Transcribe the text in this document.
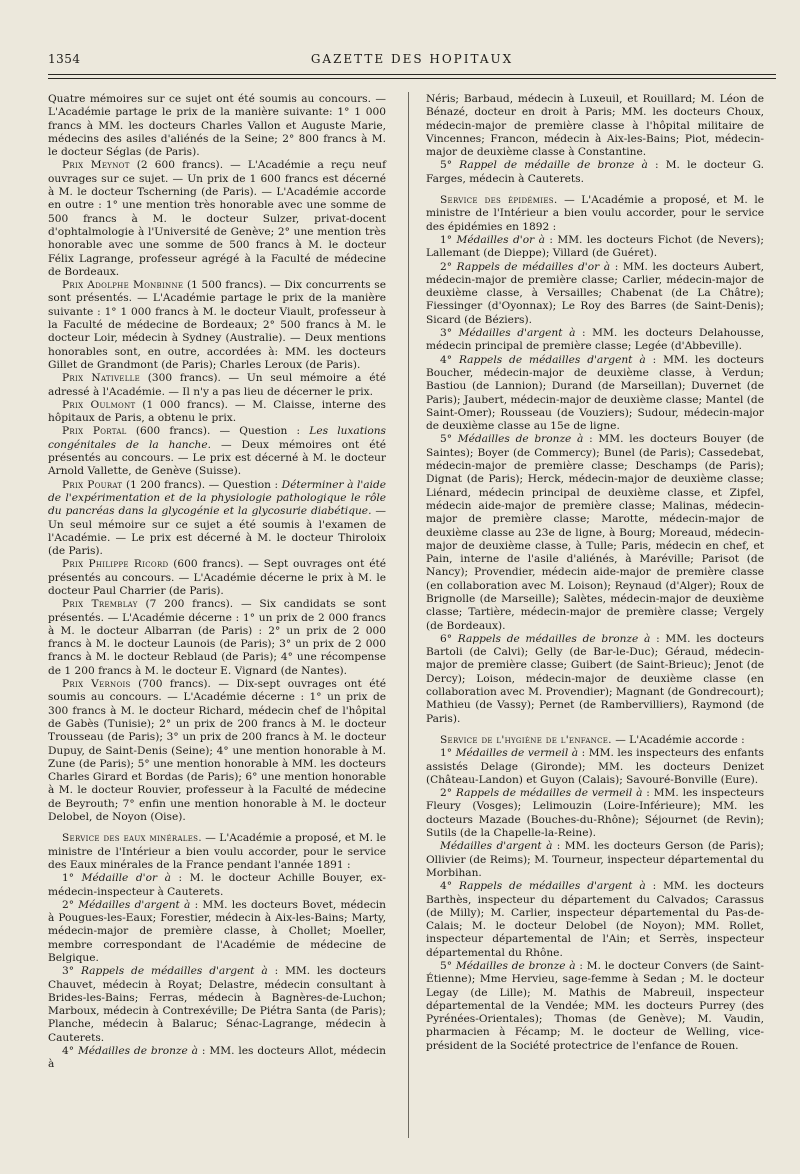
1354	GAZETTE DES HOPITAUX

Quatre mémoires sur ce sujet ont été soumis au concours. — L'Académie partage le prix de la manière suivante: 1° 1 000 francs à MM. les docteurs Charles Vallon et Auguste Marie, médecins des asiles d'aliénés de la Seine; 2° 800 francs à M. le docteur Séglas (de Paris).

Prix Meynot (2 600 francs). — L'Académie a reçu neuf ouvrages sur ce sujet. — Un prix de 1 600 francs est décerné à M. le docteur Tscherning (de Paris). — L'Académie accorde en outre : 1° une mention très honorable avec une somme de 500 francs à M. le docteur Sulzer, privat-docent d'ophtalmologie à l'Université de Genève; 2° une mention très honorable avec une somme de 500 francs à M. le docteur Félix Lagrange, professeur agrégé à la Faculté de médecine de Bordeaux.

Prix Adolphe Monbinne (1 500 francs). — Dix concurrents se sont présentés. — L'Académie partage le prix de la manière suivante : 1° 1 000 francs à M. le docteur Viault, professeur à la Faculté de médecine de Bordeaux; 2° 500 francs à M. le docteur Loir, médecin à Sydney (Australie). — Deux mentions honorables sont, en outre, accordées à: MM. les docteurs Gillet de Grandmont (de Paris); Charles Leroux (de Paris).

Prix Nativelle (300 francs). — Un seul mémoire a été adressé à l'Académie. — Il n'y a pas lieu de décerner le prix.

Prix Oulmont (1 000 francs). — M. Claisse, interne des hôpitaux de Paris, a obtenu le prix.

Prix Portal (600 francs). — Question : Les luxations congénitales de la hanche. — Deux mémoires ont été présentés au concours. — Le prix est décerné à M. le docteur Arnold Vallette, de Genève (Suisse).

Prix Pourat (1 200 francs). — Question : Déterminer à l'aide de l'expérimentation et de la physiologie pathologique le rôle du pancréas dans la glycogénie et la glycosurie diabétique. — Un seul mémoire sur ce sujet a été soumis à l'examen de l'Académie. — Le prix est décerné à M. le docteur Thiroloix (de Paris).

Prix Philippe Ricord (600 francs). — Sept ouvrages ont été présentés au concours. — L'Académie décerne le prix à M. le docteur Paul Charrier (de Paris).

Prix Tremblay (7 200 francs). — Six candidats se sont présentés. — L'Académie décerne : 1° un prix de 2 000 francs à M. le docteur Albarran (de Paris) : 2° un prix de 2 000 francs à M. le docteur Launois (de Paris); 3° un prix de 2 000 francs à M. le docteur Reblaud (de Paris); 4° une récompense de 1 200 francs à M. le docteur E. Vignard (de Nantes).

Prix Vernois (700 francs). — Dix-sept ouvrages ont été soumis au concours. — L'Académie décerne : 1° un prix de 300 francs à M. le docteur Richard, médecin chef de l'hôpital de Gabès (Tunisie); 2° un prix de 200 francs à M. le docteur Trousseau (de Paris); 3° un prix de 200 francs à M. le docteur Dupuy, de Saint-Denis (Seine); 4° une mention honorable à M. Zune (de Paris); 5° une mention honorable à MM. les docteurs Charles Girard et Bordas (de Paris); 6° une mention honorable à M. le docteur Rouvier, professeur à la Faculté de médecine de Beyrouth; 7° enfin une mention honorable à M. le docteur Delobel, de Noyon (Oise).

Service des eaux minérales. — L'Académie a proposé, et M. le ministre de l'Intérieur a bien voulu accorder, pour le service des Eaux minérales de la France pendant l'année 1891 :

1° Médaille d'or à : M. le docteur Achille Bouyer, ex-médecin-inspecteur à Cauterets.

2° Médailles d'argent à : MM. les docteurs Bovet, médecin à Pougues-les-Eaux; Forestier, médecin à Aix-les-Bains; Marty, médecin-major de première classe, à Chollet; Moeller, membre correspondant de l'Académie de médecine de Belgique.

3° Rappels de médailles d'argent à : MM. les docteurs Chauvet, médecin à Royat; Delastre, médecin consultant à Brides-les-Bains; Ferras, médecin à Bagnères-de-Luchon; Marboux, médecin à Contrexéville; De Piétra Santa (de Paris); Planche, médecin à Balaruc; Sénac-Lagrange, médecin à Cauterets.

4° Médailles de bronze à : MM. les docteurs Allot, médecin à

Néris; Barbaud, médecin à Luxeuil, et Rouillard; M. Léon de Bénazé, docteur en droit à Paris; MM. les docteurs Choux, médecin-major de première classe à l'hôpital militaire de Vincennes; Francon, médecin à Aix-les-Bains; Piot, médecin-major de deuxième classe à Constantine.

5° Rappel de médaille de bronze à : M. le docteur G. Farges, médecin à Cauterets.

Service des épidémies. — L'Académie a proposé, et M. le ministre de l'Intérieur a bien voulu accorder, pour le service des épidémies en 1892 :

1° Médailles d'or à : MM. les docteurs Fichot (de Nevers); Lallemant (de Dieppe); Villard (de Guéret).

2° Rappels de médailles d'or à : MM. les docteurs Aubert, médecin-major de première classe; Carlier, médecin-major de deuxième classe, à Versailles; Chabenat (de La Châtre); Fiessinger (d'Oyonnax); Le Roy des Barres (de Saint-Denis); Sicard (de Béziers).

3° Médailles d'argent à : MM. les docteurs Delahousse, médecin principal de première classe; Legée (d'Abbeville).

4° Rappels de médailles d'argent à : MM. les docteurs Boucher, médecin-major de deuxième classe, à Verdun; Bastiou (de Lannion); Durand (de Marseillan); Duvernet (de Paris); Jaubert, médecin-major de deuxième classe; Mantel (de Saint-Omer); Rousseau (de Vouziers); Sudour, médecin-major de deuxième classe au 15e de ligne.

5° Médailles de bronze à : MM. les docteurs Bouyer (de Saintes); Boyer (de Commercy); Bunel (de Paris); Cassedebat, médecin-major de première classe; Deschamps (de Paris); Dignat (de Paris); Herck, médecin-major de deuxième classe; Liénard, médecin principal de deuxième classe, et Zipfel, médecin aide-major de première classe; Malinas, médecin-major de première classe; Marotte, médecin-major de deuxième classe au 23e de ligne, à Bourg; Moreaud, médecin-major de deuxième classe, à Tulle; Paris, médecin en chef, et Pain, interne de l'asile d'aliénés, à Maréville; Parisot (de Nancy); Provendier, médecin aide-major de première classe (en collaboration avec M. Loison); Reynaud (d'Alger); Roux de Brignolle (de Marseille); Salètes, médecin-major de deuxième classe; Tartière, médecin-major de première classe; Vergely (de Bordeaux).

6° Rappels de médailles de bronze à : MM. les docteurs Bartoli (de Calvi); Gelly (de Bar-le-Duc); Géraud, médecin-major de première classe; Guibert (de Saint-Brieuc); Jenot (de Dercy); Loison, médecin-major de deuxième classe (en collaboration avec M. Provendier); Magnant (de Gondrecourt); Mathieu (de Vassy); Pernet (de Rambervilliers), Raymond (de Paris).

Service de l'hygiène de l'enfance. — L'Académie accorde :

1° Médailles de vermeil à : MM. les inspecteurs des enfants assistés Delage (Gironde); MM. les docteurs Denizet (Château-Landon) et Guyon (Calais); Savouré-Bonville (Eure).

2° Rappels de médailles de vermeil à : MM. les inspecteurs Fleury (Vosges); Lelimouzin (Loire-Inférieure); MM. les docteurs Mazade (Bouches-du-Rhône); Séjournet (de Revin); Sutils (de la Chapelle-la-Reine).

Médailles d'argent à : MM. les docteurs Gerson (de Paris); Ollivier (de Reims); M. Tourneur, inspecteur départemental du Morbihan.

4° Rappels de médailles d'argent à : MM. les docteurs Barthès, inspecteur du département du Calvados; Carassus (de Milly); M. Carlier, inspecteur départemental du Pas-de-Calais; M. le docteur Delobel (de Noyon); MM. Rollet, inspecteur départemental de l'Ain; et Serrès, inspecteur départemental du Rhône.

5° Médailles de bronze à : M. le docteur Convers (de Saint-Étienne); Mme Hervieu, sage-femme à Sedan ; M. le docteur Legay (de Lille); M. Mathis de Mabreuil, inspecteur départemental de la Vendée; MM. les docteurs Purrey (des Pyrénées-Orientales); Thomas (de Genève); M. Vaudin, pharmacien à Fécamp; M. le docteur de Welling, vice-président de la Société protectrice de l'enfance de Rouen.
